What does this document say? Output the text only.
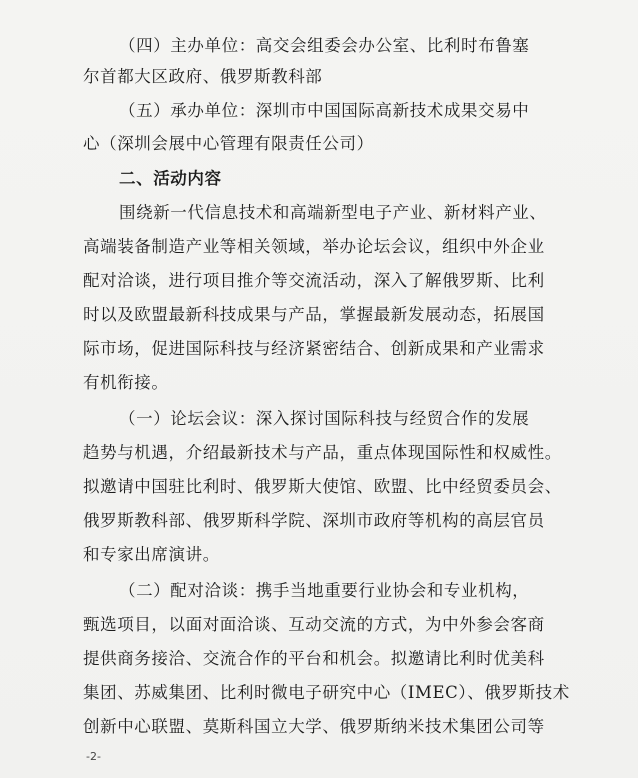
（四）主办单位：高交会组委会办公室、比利时布鲁塞
尔首都大区政府、俄罗斯教科部
（五）承办单位：深圳市中国国际高新技术成果交易中
心（深圳会展中心管理有限责任公司）
二、活动内容
围绕新一代信息技术和高端新型电子产业、新材料产业、
高端装备制造产业等相关领域，举办论坛会议，组织中外企业
配对洽谈，进行项目推介等交流活动，深入了解俄罗斯、比利
时以及欧盟最新科技成果与产品，掌握最新发展动态，拓展国
际市场，促进国际科技与经济紧密结合、创新成果和产业需求
有机衔接。
（一）论坛会议：深入探讨国际科技与经贸合作的发展
趋势与机遇，介绍最新技术与产品，重点体现国际性和权威性。
拟邀请中国驻比利时、俄罗斯大使馆、欧盟、比中经贸委员会、
俄罗斯教科部、俄罗斯科学院、深圳市政府等机构的高层官员
和专家出席演讲。
（二）配对洽谈：携手当地重要行业协会和专业机构，
甄选项目，以面对面洽谈、互动交流的方式，为中外参会客商
提供商务接洽、交流合作的平台和机会。拟邀请比利时优美科
集团、苏威集团、比利时微电子研究中心（IMEC）、俄罗斯技术
创新中心联盟、莫斯科国立大学、俄罗斯纳米技术集团公司等
-2-
